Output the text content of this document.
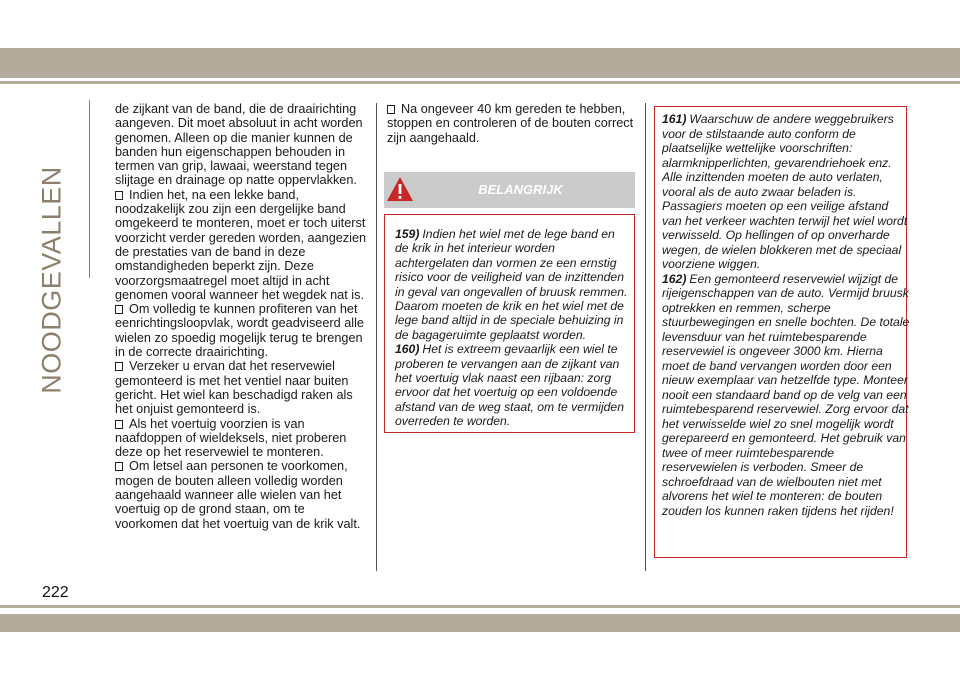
NOODGEVALLEN

de zijkant van de band, die de draairichting aangeven. Dit moet absoluut in acht worden genomen. Alleen op die manier kunnen de banden hun eigenschappen behouden in termen van grip, lawaai, weerstand tegen slijtage en drainage op natte oppervlakken.

Indien het, na een lekke band, noodzakelijk zou zijn een dergelijke band omgekeerd te monteren, moet er toch uiterst voorzicht verder gereden worden, aangezien de prestaties van de band in deze omstandigheden beperkt zijn. Deze voorzorgsmaatregel moet altijd in acht genomen vooral wanneer het wegdek nat is.

Om volledig te kunnen profiteren van het eenrichtingsloopvlak, wordt geadviseerd alle wielen zo spoedig mogelijk terug te brengen in de correcte draairichting.

Verzeker u ervan dat het reservewiel gemonteerd is met het ventiel naar buiten gericht. Het wiel kan beschadigd raken als het onjuist gemonteerd is.

Als het voertuig voorzien is van naafdoppen of wieldeksels, niet proberen deze op het reservewiel te monteren.

Om letsel aan personen te voorkomen, mogen de bouten alleen volledig worden aangehaald wanneer alle wielen van het voertuig op de grond staan, om te voorkomen dat het voertuig van de krik valt.

Na ongeveer 40 km gereden te hebben, stoppen en controleren of de bouten correct zijn aangehaald.

BELANGRIJK

159) Indien het wiel met de lege band en de krik in het interieur worden achtergelaten dan vormen ze een ernstig risico voor de veiligheid van de inzittenden in geval van ongevallen of bruusk remmen. Daarom moeten de krik en het wiel met de lege band altijd in de speciale behuizing in de bagageruimte geplaatst worden.

160) Het is extreem gevaarlijk een wiel te proberen te vervangen aan de zijkant van het voertuig vlak naast een rijbaan: zorg ervoor dat het voertuig op een voldoende afstand van de weg staat, om te vermijden overreden te worden.

161) Waarschuw de andere weggebruikers voor de stilstaande auto conform de plaatselijke wettelijke voorschriften: alarmknipperlichten, gevarendriehoek enz. Alle inzittenden moeten de auto verlaten, vooral als de auto zwaar beladen is. Passagiers moeten op een veilige afstand van het verkeer wachten terwijl het wiel wordt verwisseld. Op hellingen of op onverharde wegen, de wielen blokkeren met de speciaal voorziene wiggen.

162) Een gemonteerd reservewiel wijzigt de rijeigenschappen van de auto. Vermijd bruusk optrekken en remmen, scherpe stuurbewegingen en snelle bochten. De totale levensduur van het ruimtebesparende reservewiel is ongeveer 3000 km. Hierna moet de band vervangen worden door een nieuw exemplaar van hetzelfde type. Monteer nooit een standaard band op de velg van een ruimtebesparend reservewiel. Zorg ervoor dat het verwisselde wiel zo snel mogelijk wordt gerepareerd en gemonteerd. Het gebruik van twee of meer ruimtebesparende reservewielen is verboden. Smeer de schroefdraad van de wielbouten niet met alvorens het wiel te monteren: de bouten zouden los kunnen raken tijdens het rijden!

222
